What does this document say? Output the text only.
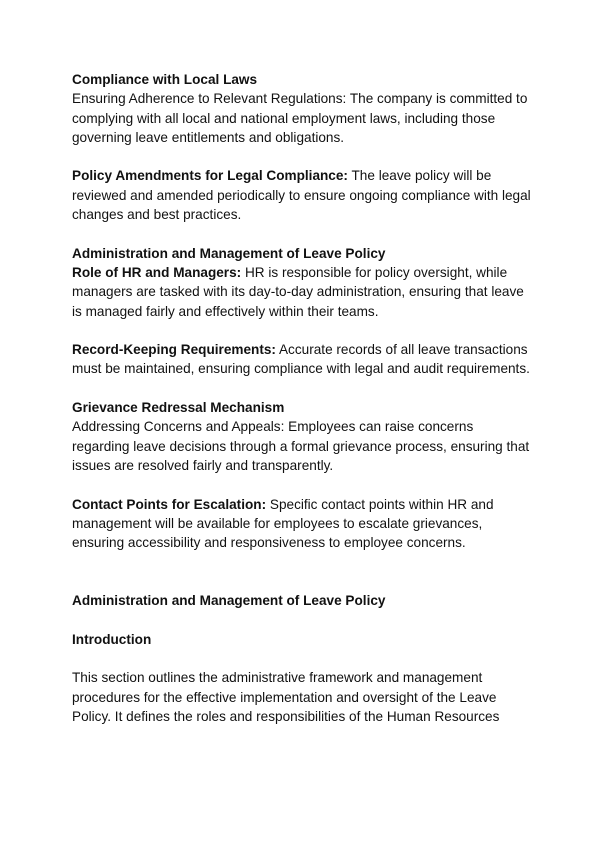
Compliance with Local Laws

Ensuring Adherence to Relevant Regulations: The company is committed to complying with all local and national employment laws, including those governing leave entitlements and obligations.

Policy Amendments for Legal Compliance: The leave policy will be reviewed and amended periodically to ensure ongoing compliance with legal changes and best practices.

Administration and Management of Leave Policy

Role of HR and Managers: HR is responsible for policy oversight, while managers are tasked with its day-to-day administration, ensuring that leave is managed fairly and effectively within their teams.

Record-Keeping Requirements: Accurate records of all leave transactions must be maintained, ensuring compliance with legal and audit requirements.

Grievance Redressal Mechanism

Addressing Concerns and Appeals: Employees can raise concerns regarding leave decisions through a formal grievance process, ensuring that issues are resolved fairly and transparently.

Contact Points for Escalation: Specific contact points within HR and management will be available for employees to escalate grievances, ensuring accessibility and responsiveness to employee concerns.

Administration and Management of Leave Policy

Introduction

This section outlines the administrative framework and management procedures for the effective implementation and oversight of the Leave Policy. It defines the roles and responsibilities of the Human Resources
